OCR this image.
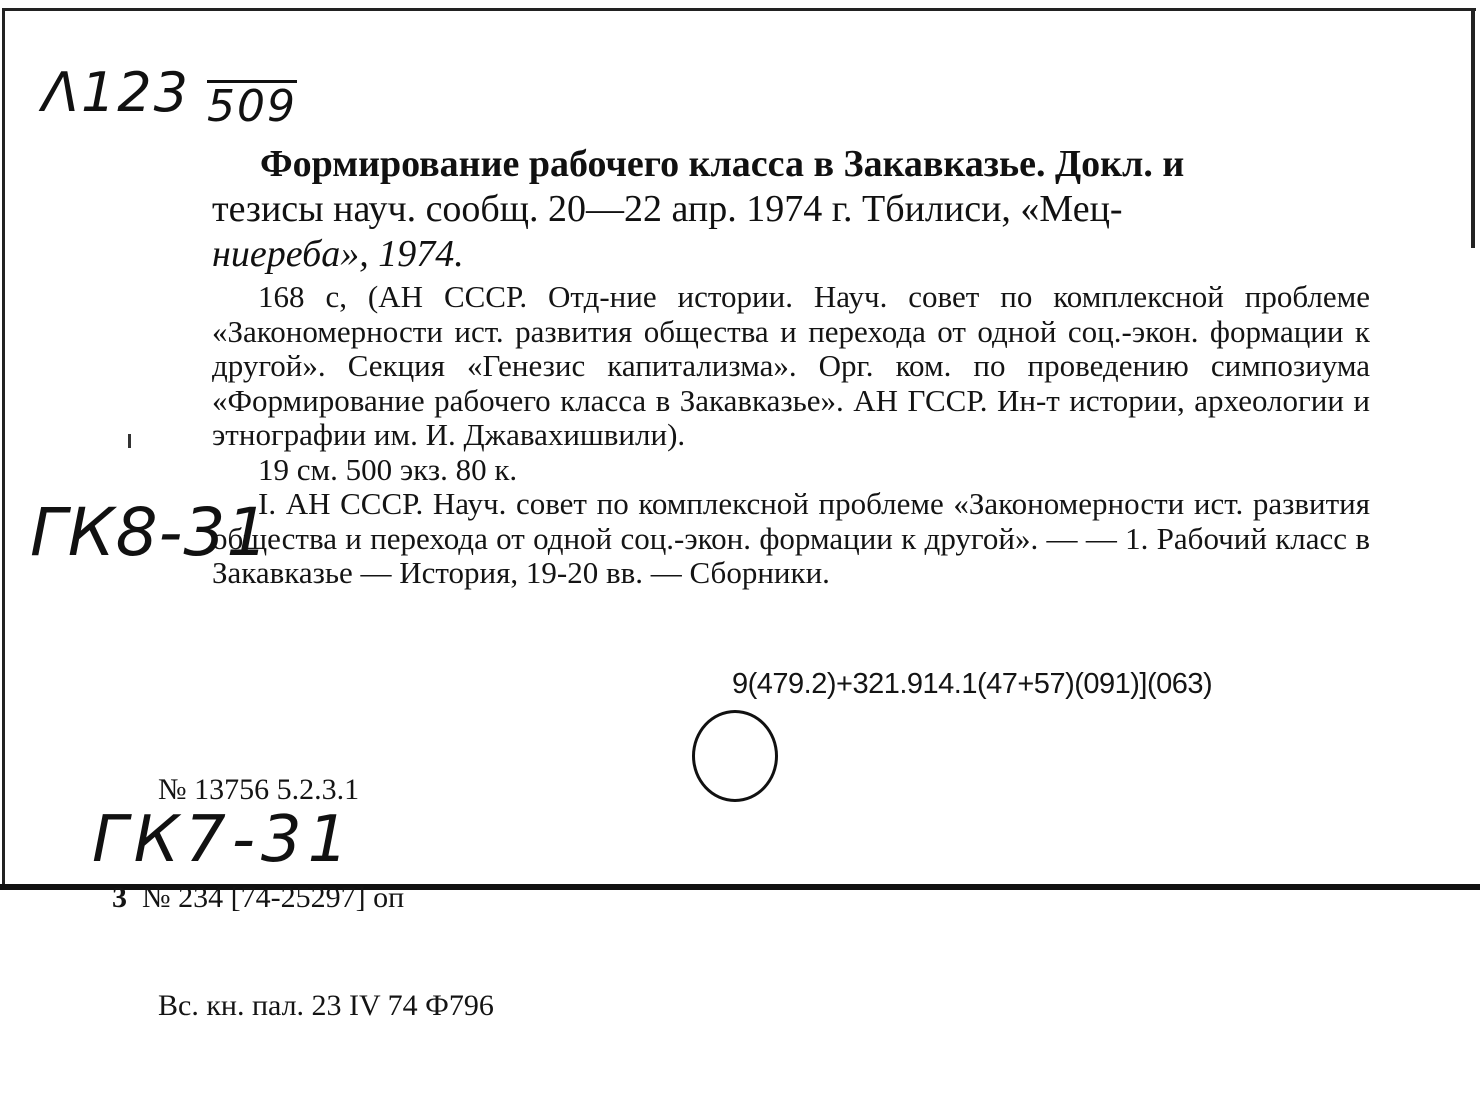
Λ123 509
Формирование рабочего класса в Закавказье. Докл. и
тезисы науч. сообщ. 20—22 апр. 1974 г. Тбилиси, «Мец-
ниереба», 1974.

168 с, (АН СССР. Отд-ние истории. Науч. совет по комплексной проблеме «Закономерности ист. развития общества и перехода от одной соц.-экон. формации к другой». Секция «Генезис капитализма». Орг. ком. по проведению симпозиума «Формирование рабочего класса в Закавказье». АН ГССР. Ин-т истории, археологии и этнографии им. И. Джавахишвили).

19 см. 500 экз. 80 к.

I. АН СССР. Науч. совет по комплексной проблеме «Закономерности ист. развития общества и перехода от одной соц.-экон. формации к другой». — — 1. Рабочий класс в Закавказье — История, 19-20 вв. — Сборники.

ГК8-31
9(479.2)+321.914.1(47+57)(091)](063)

№ 13756 5.2.3.1

3 № 234 [74-25297] оп

Вс. кн. пал. 23 IV 74 Ф796

ГК7-31
